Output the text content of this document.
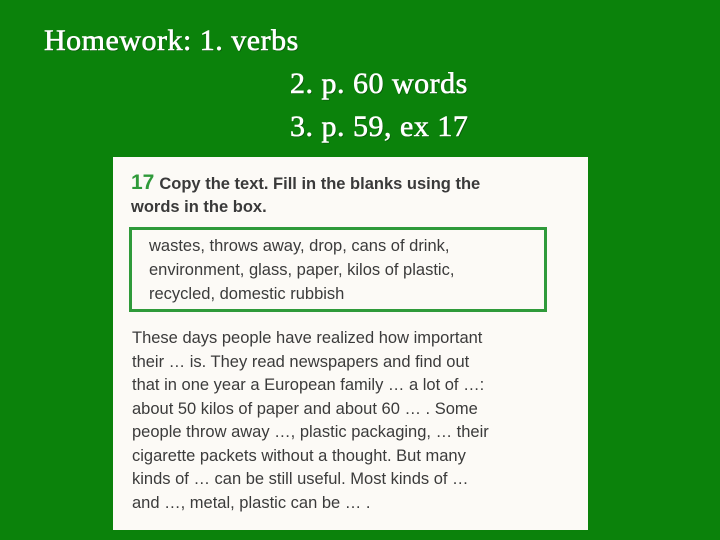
Homework: 1. verbs
2. p. 60 words
3. p. 59, ex 17
17 Copy the text. Fill in the blanks using the
words in the box.
wastes, throws away, drop, cans of drink,
environment, glass, paper, kilos of plastic,
recycled, domestic rubbish
These days people have realized how important
their … is. They read newspapers and find out
that in one year a European family … a lot of …:
about 50 kilos of paper and about 60 … . Some
people throw away …, plastic packaging, … their
cigarette packets without a thought. But many
kinds of … can be still useful. Most kinds of …
and …, metal, plastic can be … .
